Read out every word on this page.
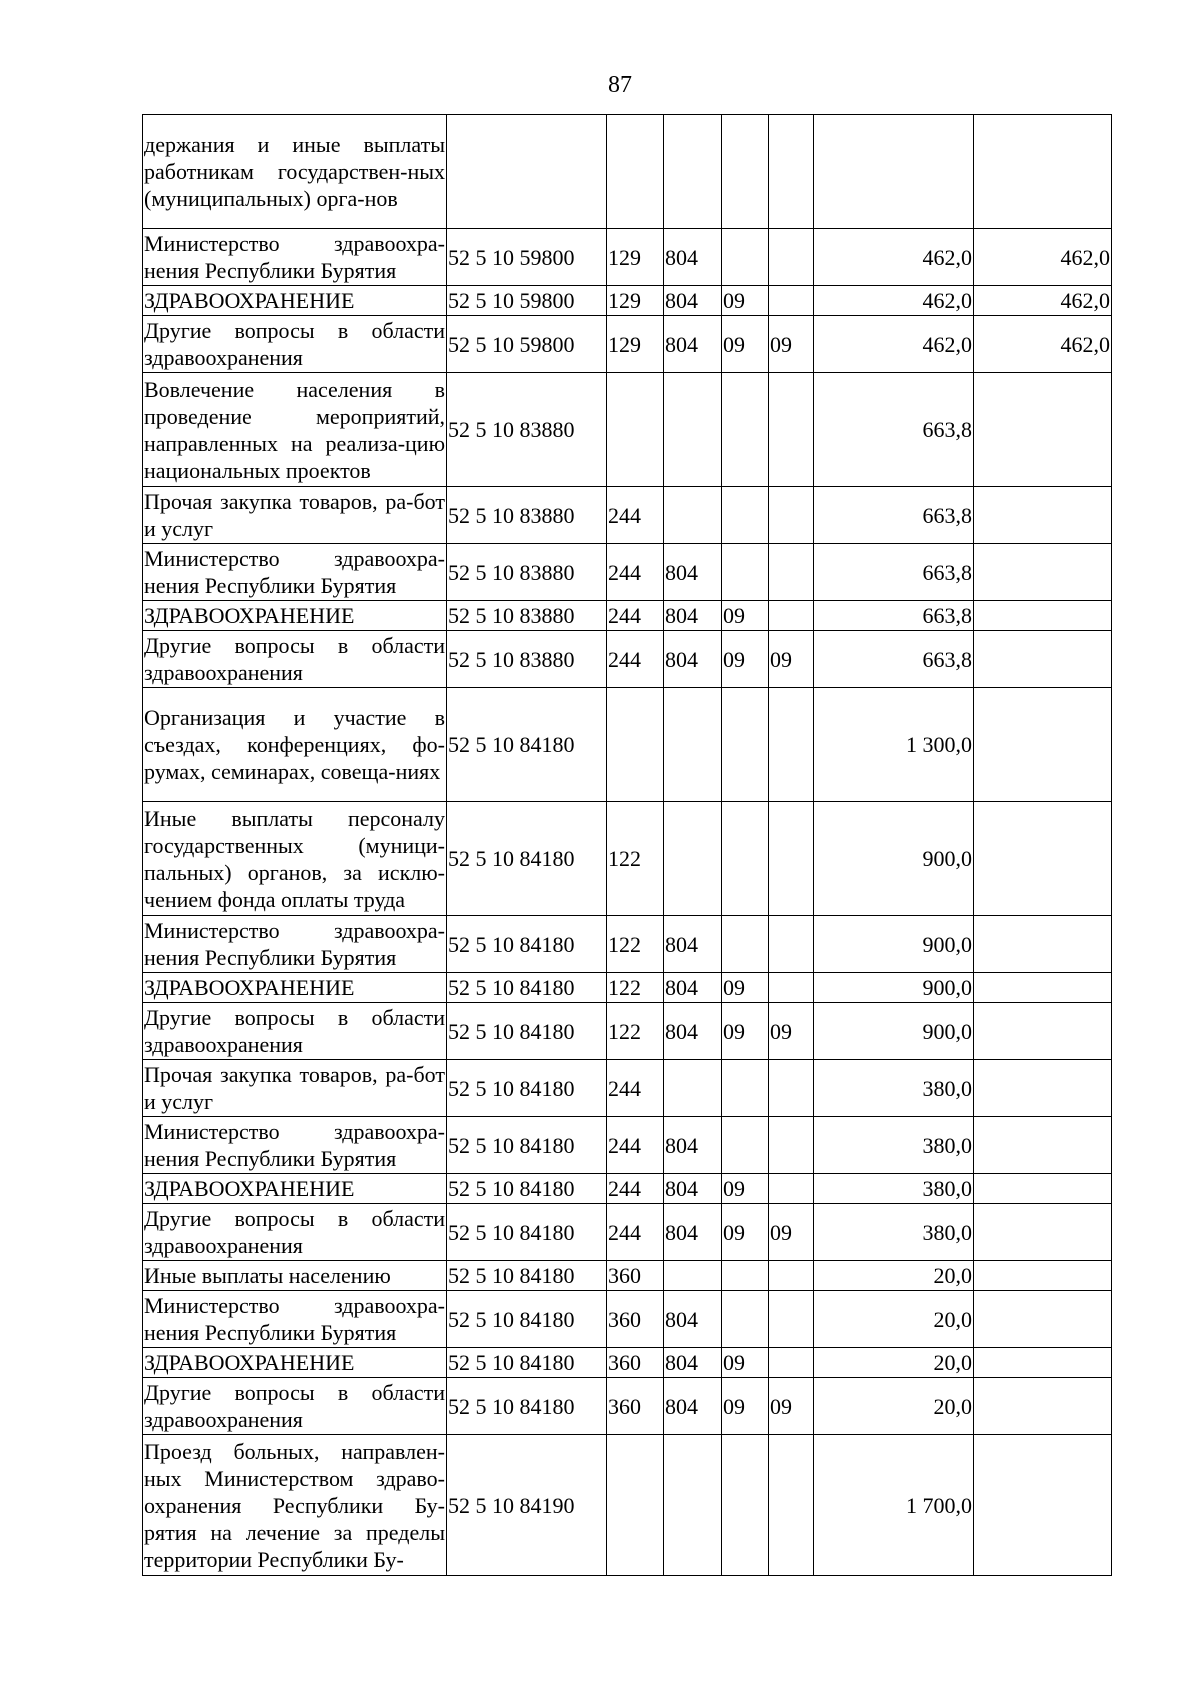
87
держания и иные выплаты работникам государствен-ных (муниципальных) орга-нов							
Министерство здравоохра-нения Республики Бурятия	52 5 10 59800	129	804			462,0	462,0
ЗДРАВООХРАНЕНИЕ	52 5 10 59800	129	804	09		462,0	462,0
Другие вопросы в области здравоохранения	52 5 10 59800	129	804	09	09	462,0	462,0
Вовлечение населения в проведение мероприятий, направленных на реализа-цию национальных проектов	52 5 10 83880					663,8	
Прочая закупка товаров, ра-бот и услуг	52 5 10 83880	244				663,8	
Министерство здравоохра-нения Республики Бурятия	52 5 10 83880	244	804			663,8	
ЗДРАВООХРАНЕНИЕ	52 5 10 83880	244	804	09		663,8	
Другие вопросы в области здравоохранения	52 5 10 83880	244	804	09	09	663,8	
Организация и участие в съездах, конференциях, фо-румах, семинарах, совеща-ниях	52 5 10 84180					1 300,0	
Иные выплаты персоналу государственных (муници-пальных) органов, за исклю-чением фонда оплаты труда	52 5 10 84180	122				900,0	
Министерство здравоохра-нения Республики Бурятия	52 5 10 84180	122	804			900,0	
ЗДРАВООХРАНЕНИЕ	52 5 10 84180	122	804	09		900,0	
Другие вопросы в области здравоохранения	52 5 10 84180	122	804	09	09	900,0	
Прочая закупка товаров, ра-бот и услуг	52 5 10 84180	244				380,0	
Министерство здравоохра-нения Республики Бурятия	52 5 10 84180	244	804			380,0	
ЗДРАВООХРАНЕНИЕ	52 5 10 84180	244	804	09		380,0	
Другие вопросы в области здравоохранения	52 5 10 84180	244	804	09	09	380,0	
Иные выплаты населению	52 5 10 84180	360				20,0	
Министерство здравоохра-нения Республики Бурятия	52 5 10 84180	360	804			20,0	
ЗДРАВООХРАНЕНИЕ	52 5 10 84180	360	804	09		20,0	
Другие вопросы в области здравоохранения	52 5 10 84180	360	804	09	09	20,0	
Проезд больных, направлен-ных Министерством здраво-охранения Республики Бу-рятия на лечение за пределы территории Республики Бу-	52 5 10 84190					1 700,0	
